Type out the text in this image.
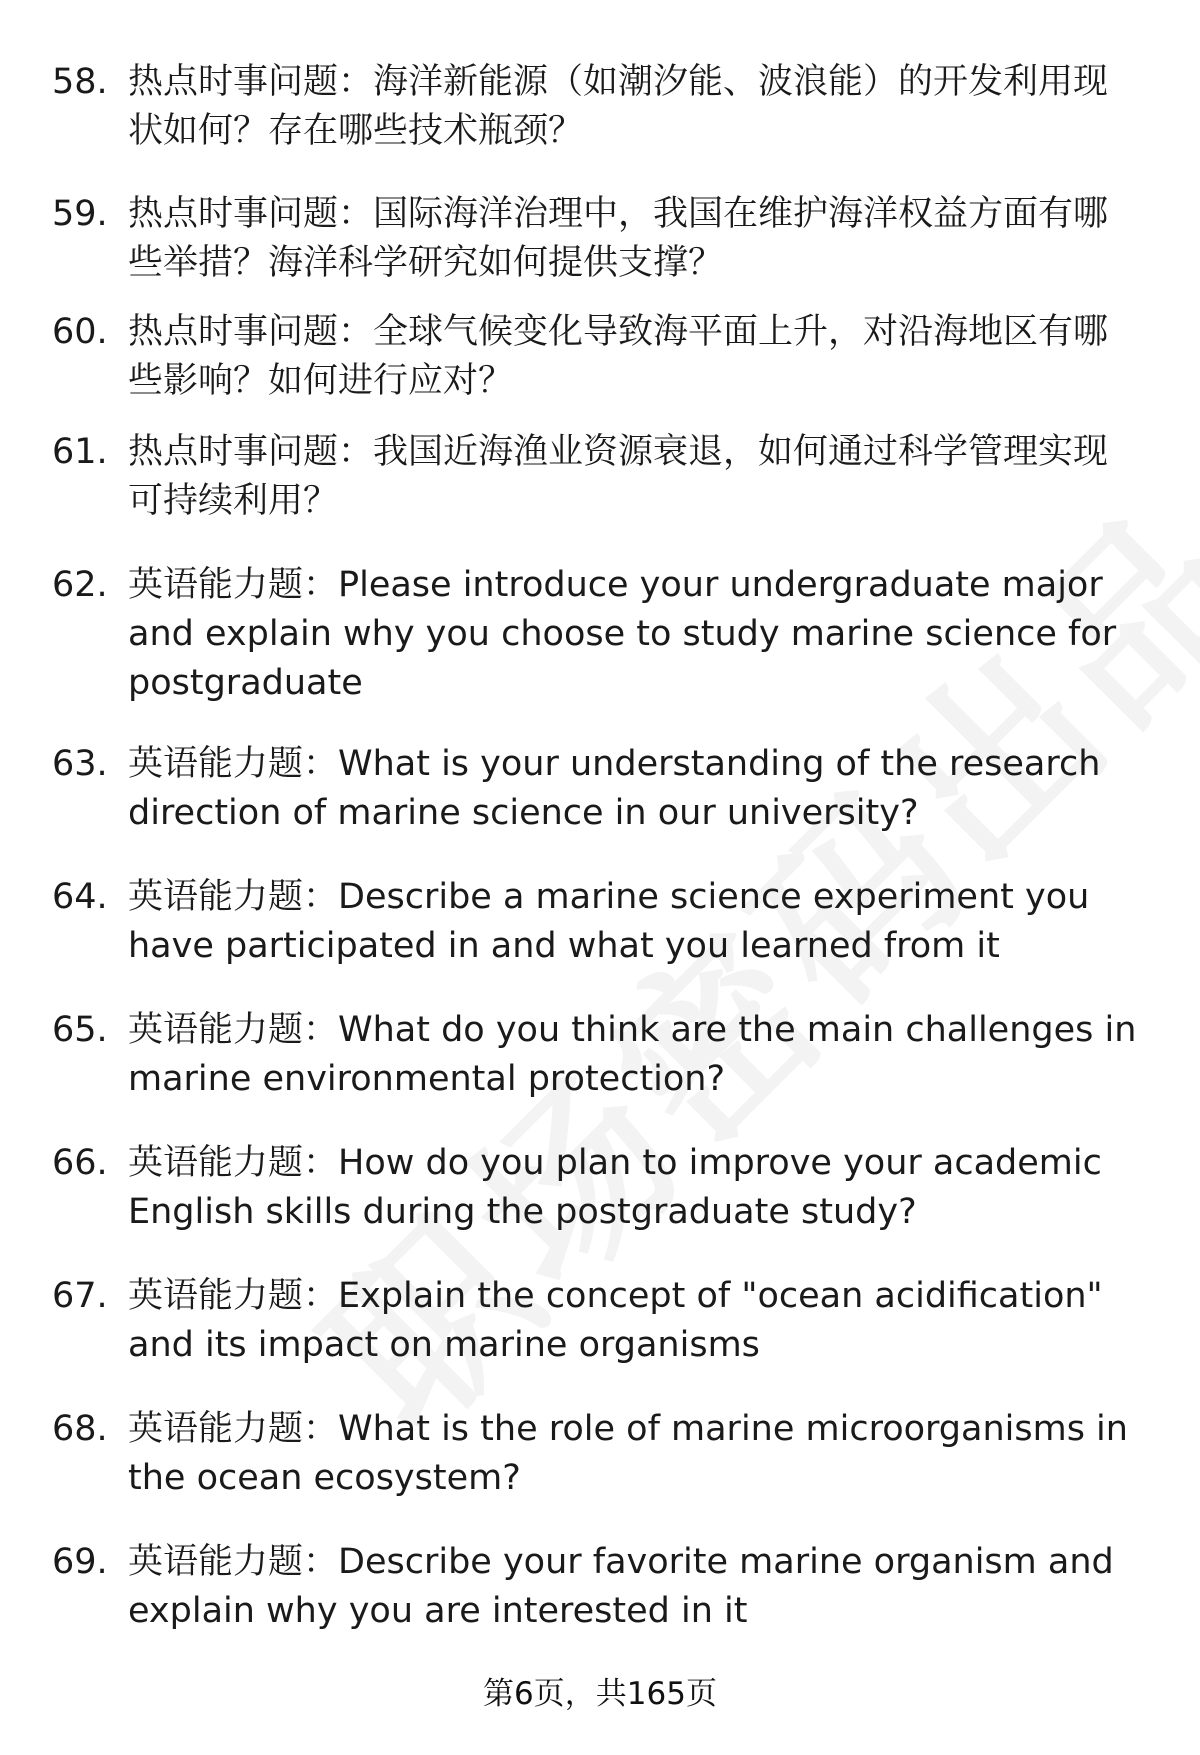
58. 热点时事问题：海洋新能源（如潮汐能、波浪能）的开发利用现状如何？存在哪些技术瓶颈？
59. 热点时事问题：国际海洋治理中，我国在维护海洋权益方面有哪些举措？海洋科学研究如何提供支撑？
60. 热点时事问题：全球气候变化导致海平面上升，对沿海地区有哪些影响？如何进行应对？
61. 热点时事问题：我国近海渔业资源衰退，如何通过科学管理实现可持续利用？
62. 英语能力题：Please introduce your undergraduate major and explain why you choose to study marine science for postgraduate
63. 英语能力题：What is your understanding of the research direction of marine science in our university?
64. 英语能力题：Describe a marine science experiment you have participated in and what you learned from it
65. 英语能力题：What do you think are the main challenges in marine environmental protection?
66. 英语能力题：How do you plan to improve your academic English skills during the postgraduate study?
67. 英语能力题：Explain the concept of "ocean acidification" and its impact on marine organisms
68. 英语能力题：What is the role of marine microorganisms in the ocean ecosystem?
69. 英语能力题：Describe your favorite marine organism and explain why you are interested in it
第6页，共165页
